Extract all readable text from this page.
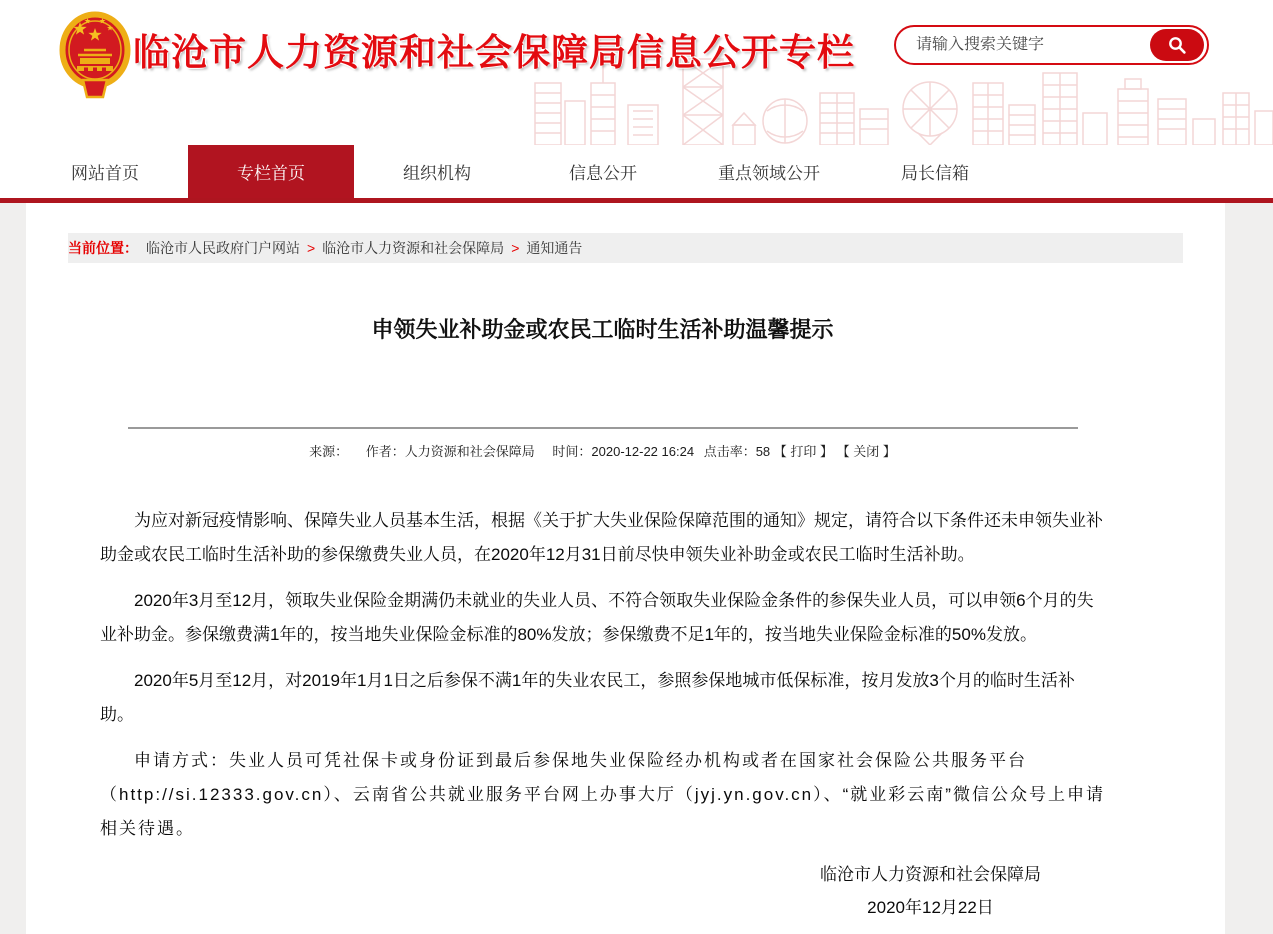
临沧市人力资源和社会保障局信息公开专栏
请输入搜索关键字
网站首页	专栏首页	组织机构	信息公开	重点领域公开	局长信箱
当前位置： 临沧市人民政府门户网站 > 临沧市人力资源和社会保障局 > 通知通告
申领失业补助金或农民工临时生活补助温馨提示
来源： 作者：人力资源和社会保障局 时间：2020-12-22 16:24 点击率：58 【 打印 】 【 关闭 】

为应对新冠疫情影响、保障失业人员基本生活，根据《关于扩大失业保险保障范围的通知》规定，请符合以下条件还未申领失业补助金或农民工临时生活补助的参保缴费失业人员，在2020年12月31日前尽快申领失业补助金或农民工临时生活补助。

2020年3月至12月，领取失业保险金期满仍未就业的失业人员、不符合领取失业保险金条件的参保失业人员，可以申领6个月的失业补助金。参保缴费满1年的，按当地失业保险金标准的80%发放；参保缴费不足1年的，按当地失业保险金标准的50%发放。

2020年5月至12月，对2019年1月1日之后参保不满1年的失业农民工，参照参保地城市低保标准，按月发放3个月的临时生活补助。

申请方式：失业人员可凭社保卡或身份证到最后参保地失业保险经办机构或者在国家社会保险公共服务平台（http://si.12333.gov.cn）、云南省公共就业服务平台网上办事大厅（jyj.yn.gov.cn）、“就业彩云南”微信公众号上申请相关待遇。

临沧市人力资源和社会保障局
2020年12月22日
